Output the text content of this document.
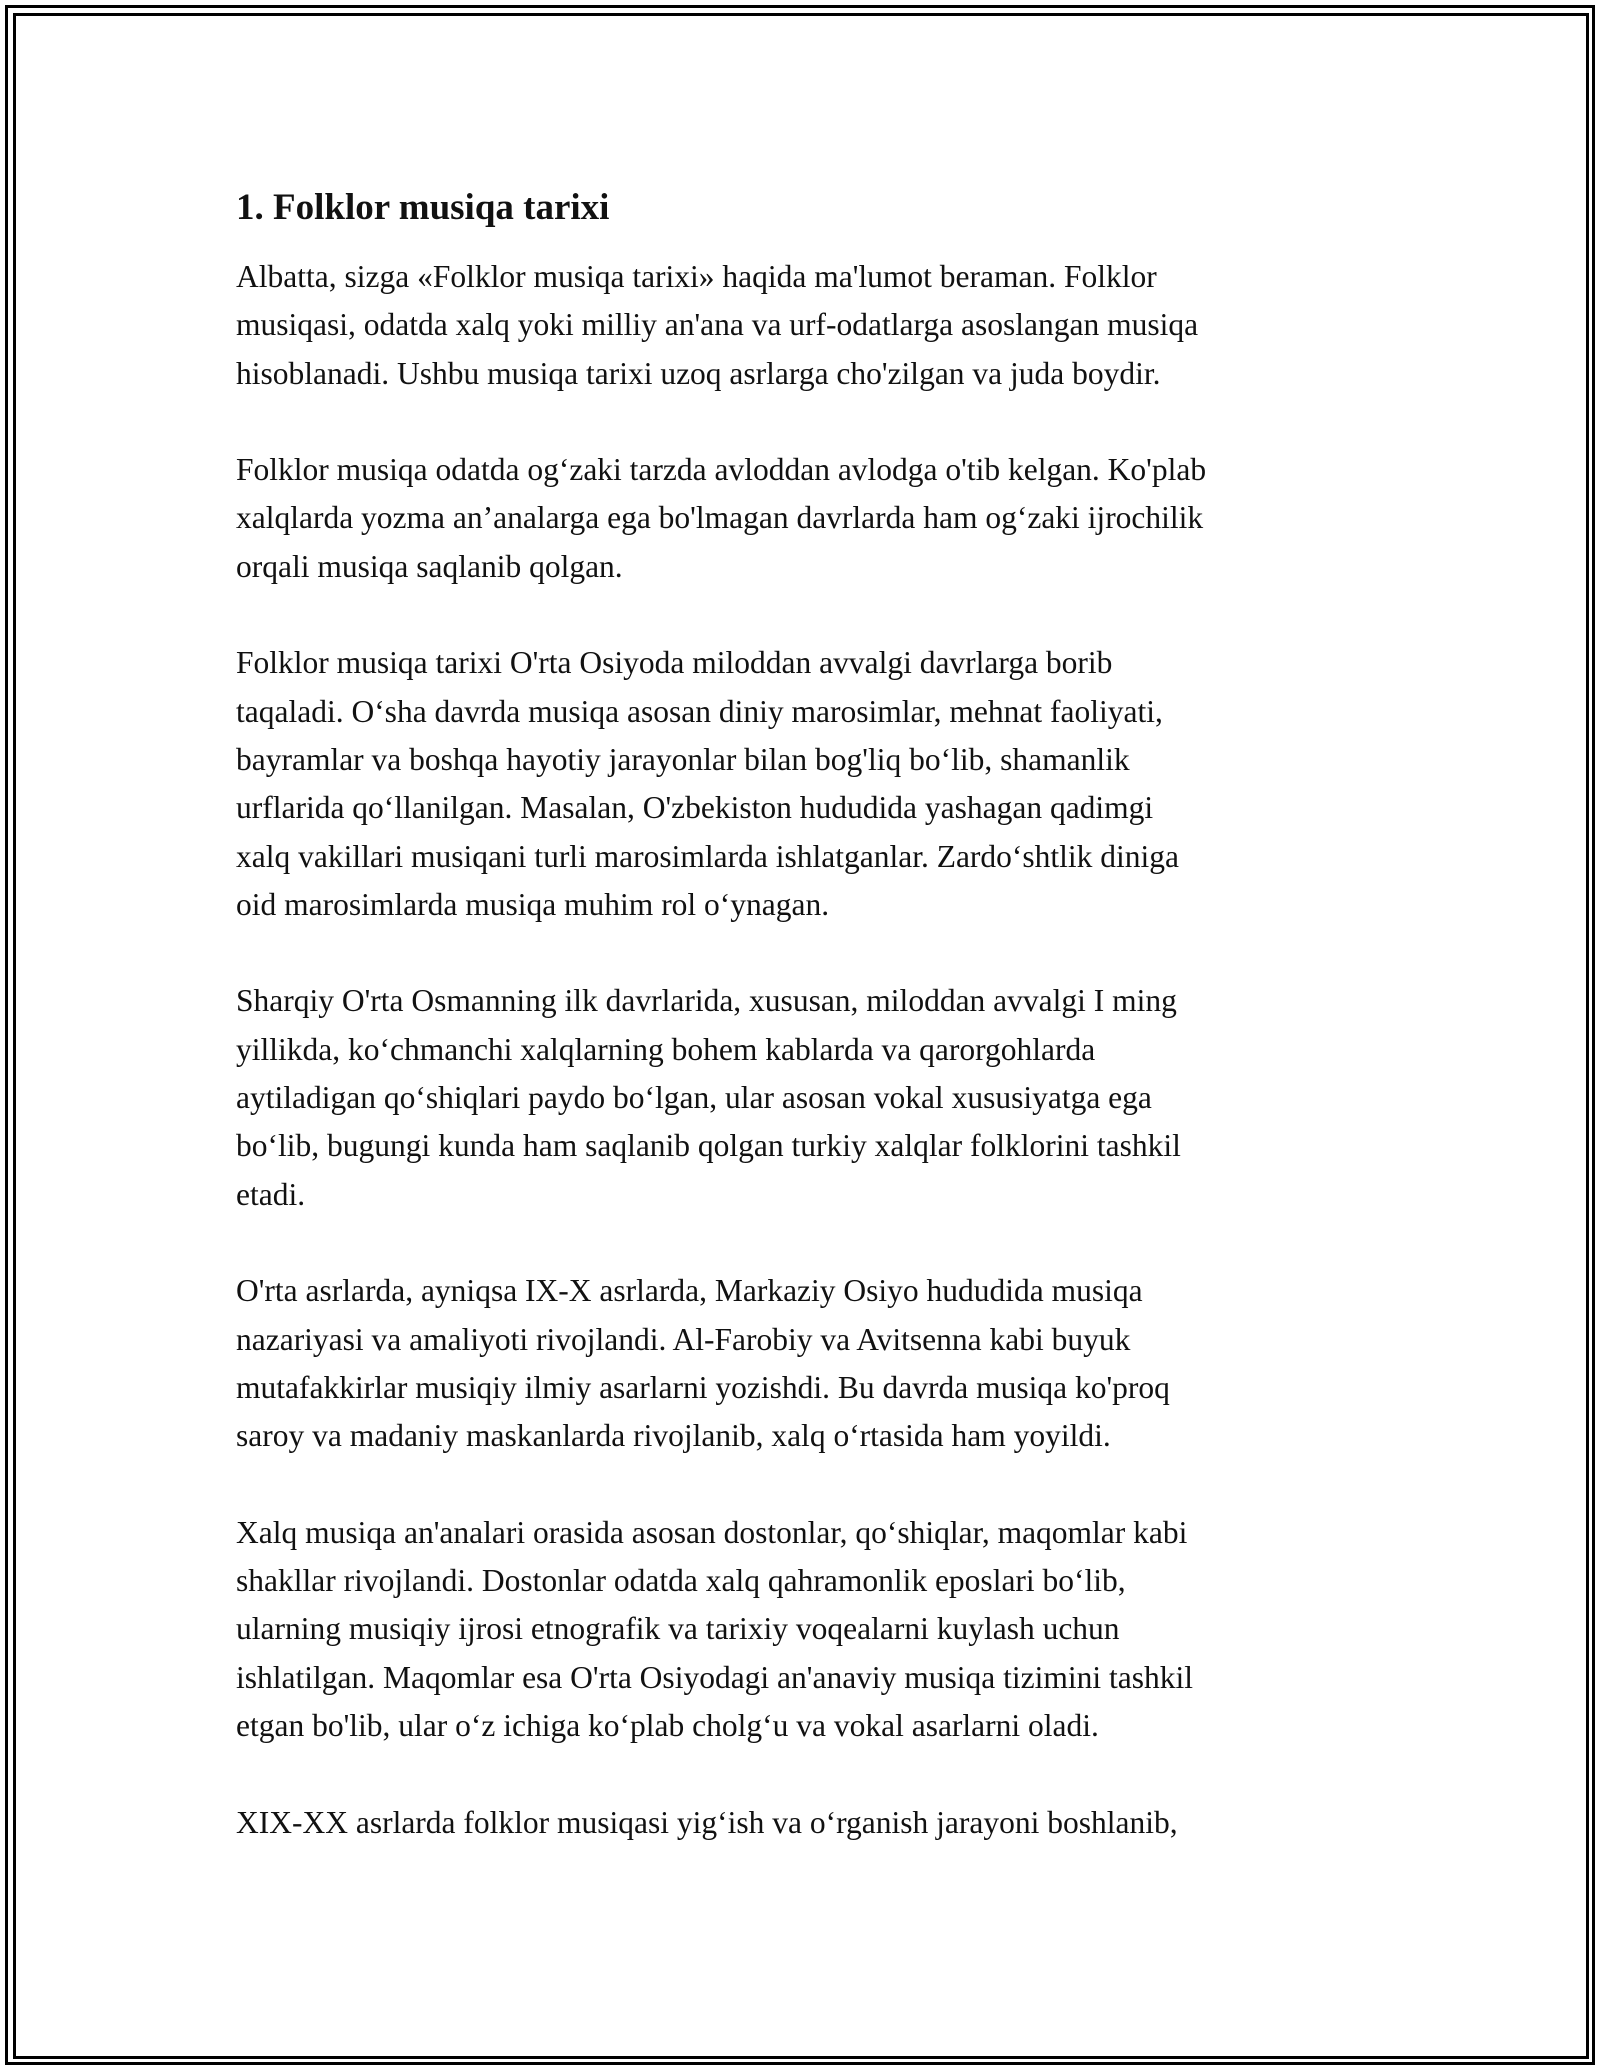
1. Folklor musiqa tarixi

Albatta, sizga «Folklor musiqa tarixi» haqida ma'lumot beraman. Folklor
musiqasi, odatda xalq yoki milliy an'ana va urf-odatlarga asoslangan musiqa
hisoblanadi. Ushbu musiqa tarixi uzoq asrlarga cho'zilgan va juda boydir.

Folklor musiqa odatda ogʻzaki tarzda avloddan avlodga o'tib kelgan. Ko'plab
xalqlarda yozma an’analarga ega bo'lmagan davrlarda ham ogʻzaki ijrochilik
orqali musiqa saqlanib qolgan.

Folklor musiqa tarixi O'rta Osiyoda miloddan avvalgi davrlarga borib
taqaladi. Oʻsha davrda musiqa asosan diniy marosimlar, mehnat faoliyati,
bayramlar va boshqa hayotiy jarayonlar bilan bog'liq boʻlib, shamanlik
urflarida qoʻllanilgan. Masalan, O'zbekiston hududida yashagan qadimgi
xalq vakillari musiqani turli marosimlarda ishlatganlar. Zardoʻshtlik diniga
oid marosimlarda musiqa muhim rol oʻynagan.

Sharqiy O'rta Osmanning ilk davrlarida, xususan, miloddan avvalgi I ming
yillikda, koʻchmanchi xalqlarning bohem kablarda va qarorgohlarda
aytiladigan qoʻshiqlari paydo boʻlgan, ular asosan vokal xususiyatga ega
boʻlib, bugungi kunda ham saqlanib qolgan turkiy xalqlar folklorini tashkil
etadi.

O'rta asrlarda, ayniqsa IX-X asrlarda, Markaziy Osiyo hududida musiqa
nazariyasi va amaliyoti rivojlandi. Al-Farobiy va Avitsenna kabi buyuk
mutafakkirlar musiqiy ilmiy asarlarni yozishdi. Bu davrda musiqa ko'proq
saroy va madaniy maskanlarda rivojlanib, xalq oʻrtasida ham yoyildi.

Xalq musiqa an'analari orasida asosan dostonlar, qoʻshiqlar, maqomlar kabi
shakllar rivojlandi. Dostonlar odatda xalq qahramonlik eposlari boʻlib,
ularning musiqiy ijrosi etnografik va tarixiy voqealarni kuylash uchun
ishlatilgan. Maqomlar esa O'rta Osiyodagi an'anaviy musiqa tizimini tashkil
etgan bo'lib, ular oʻz ichiga koʻplab cholgʻu va vokal asarlarni oladi.

XIX-XX asrlarda folklor musiqasi yigʻish va oʻrganish jarayoni boshlanib,
